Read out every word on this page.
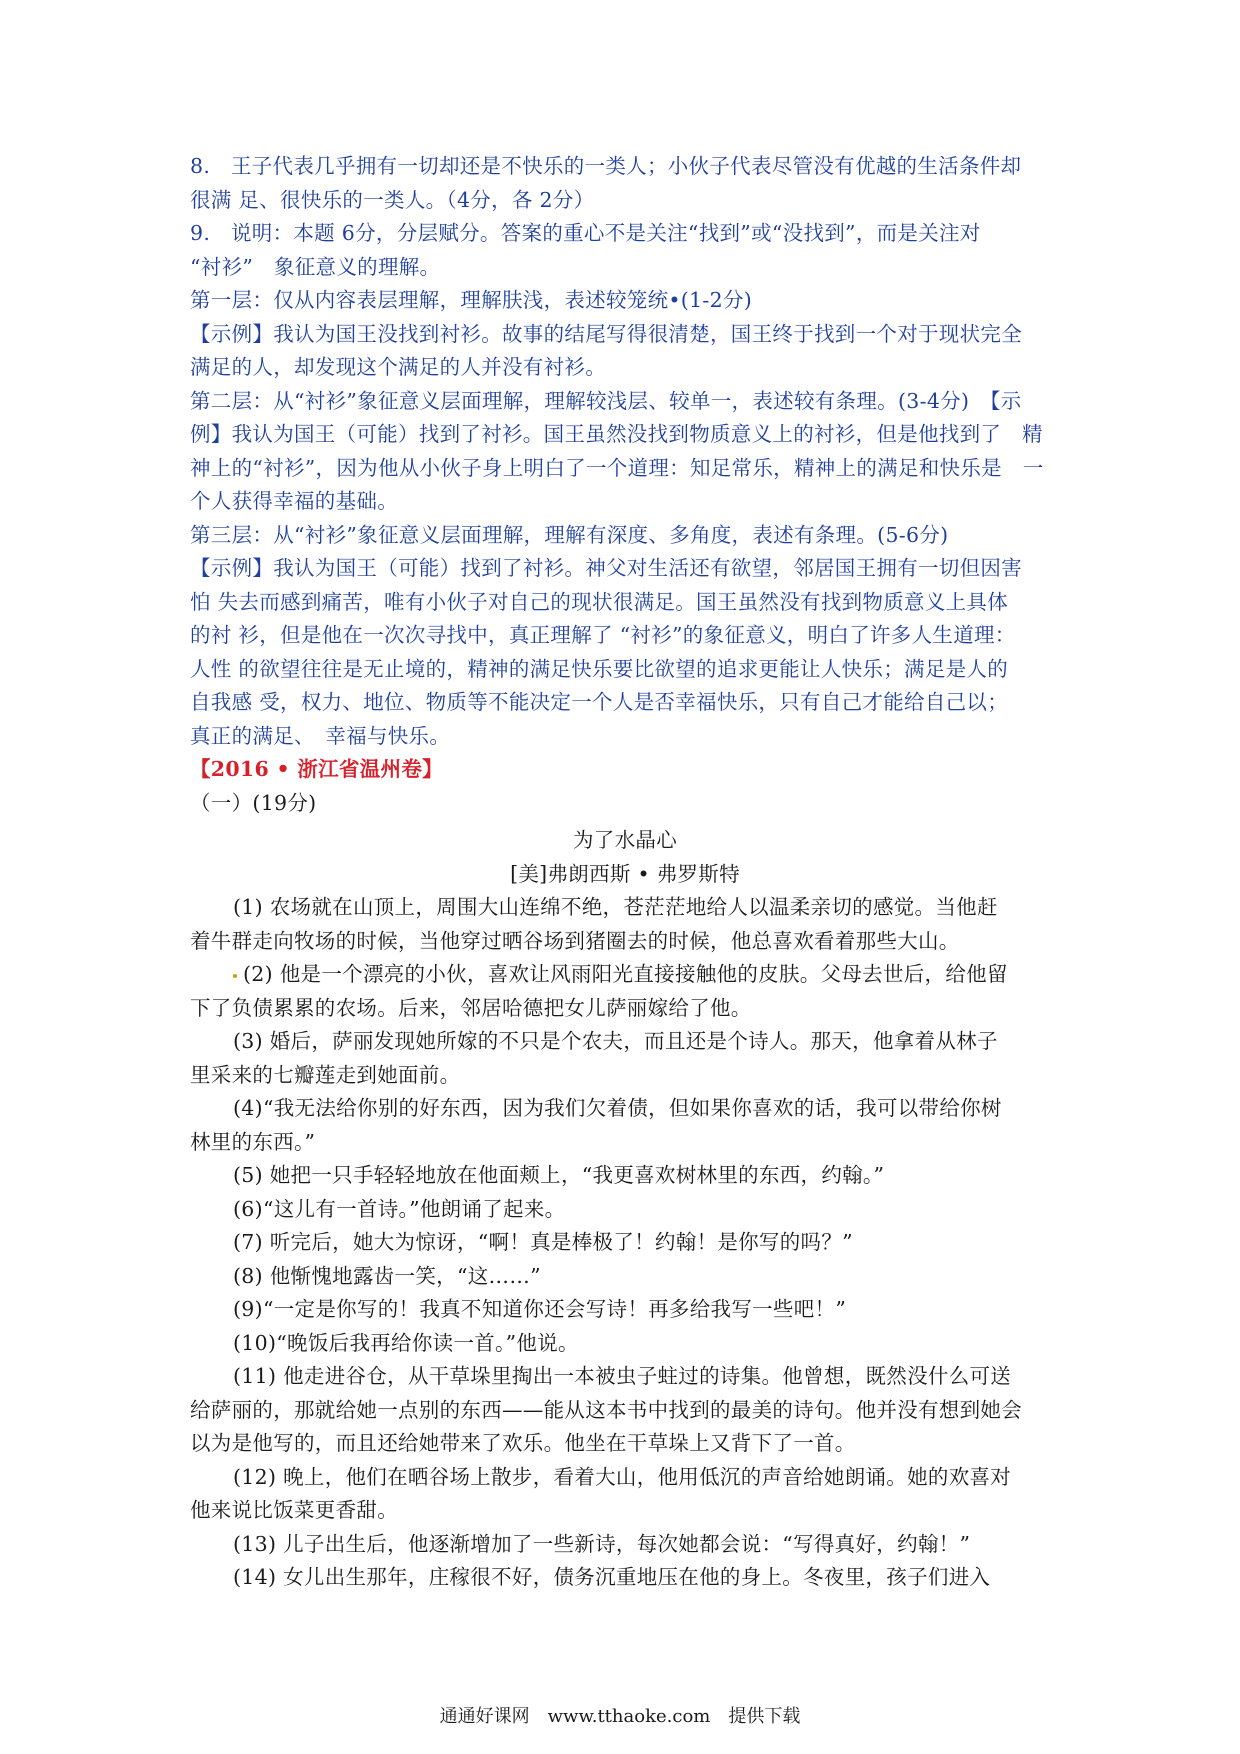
8.　王子代表几乎拥有一切却还是不快乐的一类人；小伙子代表尽管没有优越的生活条件却
很满 足、很快乐的一类人。（4分，各 2分）
9.　说明：本题 6分，分层赋分。答案的重心不是关注“找到”或“没找到”，而是关注对
“衬衫”　象征意义的理解。
第一层：仅从内容表层理解，理解肤浅，表述较笼统•(1-2分)
【示例】我认为国王没找到衬衫。故事的结尾写得很清楚，国王终于找到一个对于现状完全
满足的人，却发现这个满足的人并没有衬衫。
第二层：从“衬衫”象征意义层面理解，理解较浅层、较单一，表述较有条理。(3-4分)　【示
例】我认为国王（可能）找到了衬衫。国王虽然没找到物质意义上的衬衫，但是他找到了　精
神上的“衬衫”，因为他从小伙子身上明白了一个道理：知足常乐，精神上的满足和快乐是　一
个人获得幸福的基础。
第三层：从“衬衫”象征意义层面理解，理解有深度、多角度，表述有条理。(5-6分)
【示例】我认为国王（可能）找到了衬衫。神父对生活还有欲望，邻居国王拥有一切但因害
怕 失去而感到痛苦，唯有小伙子对自己的现状很满足。国王虽然没有找到物质意义上具体
的衬 衫，但是他在一次次寻找中，真正理解了 “衬衫”的象征意义，明白了许多人生道理：
人性 的欲望往往是无止境的，精神的满足快乐要比欲望的追求更能让人快乐；满足是人的
自我感 受，权力、地位、物质等不能决定一个人是否幸福快乐，只有自己才能给自己以；
真正的满足、　幸福与快乐。
【2016 • 浙江省温州卷】
（一）(19分)
为了水晶心
[美]弗朗西斯 • 弗罗斯特
(1) 农场就在山顶上，周围大山连绵不绝，苍茫茫地给人以温柔亲切的感觉。当他赶
着牛群走向牧场的时候，当他穿过晒谷场到猪圈去的时候，他总喜欢看着那些大山。
(2) 他是一个漂亮的小伙，喜欢让风雨阳光直接接触他的皮肤。父母去世后，给他留
下了负债累累的农场。后来，邻居哈德把女儿萨丽嫁给了他。
(3) 婚后，萨丽发现她所嫁的不只是个农夫，而且还是个诗人。那天，他拿着从林子
里采来的七瓣莲走到她面前。
(4)“我无法给你别的好东西，因为我们欠着债，但如果你喜欢的话，我可以带给你树
林里的东西。”
(5) 她把一只手轻轻地放在他面颊上，“我更喜欢树林里的东西，约翰。”
(6)“这儿有一首诗。”他朗诵了起来。
(7) 听完后，她大为惊讶，“啊！真是棒极了！约翰！是你写的吗？”
(8) 他惭愧地露齿一笑，“这……”
(9)“一定是你写的！我真不知道你还会写诗！再多给我写一些吧！”
(10)“晚饭后我再给你读一首。”他说。
(11) 他走进谷仓，从干草垛里掏出一本被虫子蛀过的诗集。他曾想，既然没什么可送
给萨丽的，那就给她一点别的东西——能从这本书中找到的最美的诗句。他并没有想到她会
以为是他写的，而且还给她带来了欢乐。他坐在干草垛上又背下了一首。
(12) 晚上，他们在晒谷场上散步，看着大山，他用低沉的声音给她朗诵。她的欢喜对
他来说比饭菜更香甜。
(13) 儿子出生后，他逐渐增加了一些新诗，每次她都会说：“写得真好，约翰！”
(14) 女儿出生那年，庄稼很不好，债务沉重地压在他的身上。冬夜里，孩子们进入
通通好课网　www.tthaoke.com　提供下载
